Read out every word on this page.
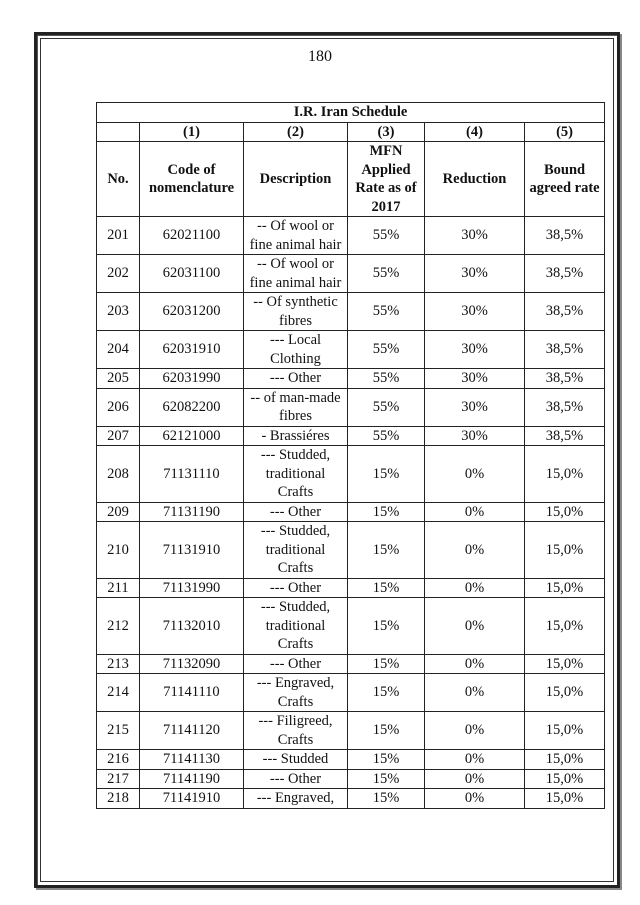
180
I.R. Iran Schedule					
	(1)	(2)	(3)	(4)	(5)
No.	Code of nomenclature	Description	MFN Applied Rate as of 2017	Reduction	Bound agreed rate
201	62021100	-- Of wool or fine animal hair	55%	30%	38,5%
202	62031100	-- Of wool or fine animal hair	55%	30%	38,5%
203	62031200	-- Of synthetic fibres	55%	30%	38,5%
204	62031910	--- Local Clothing	55%	30%	38,5%
205	62031990	--- Other	55%	30%	38,5%
206	62082200	-- of man-made fibres	55%	30%	38,5%
207	62121000	- Brassiéres	55%	30%	38,5%
208	71131110	--- Studded, traditional Crafts	15%	0%	15,0%
209	71131190	--- Other	15%	0%	15,0%
210	71131910	--- Studded, traditional Crafts	15%	0%	15,0%
211	71131990	--- Other	15%	0%	15,0%
212	71132010	--- Studded, traditional Crafts	15%	0%	15,0%
213	71132090	--- Other	15%	0%	15,0%
214	71141110	--- Engraved, Crafts	15%	0%	15,0%
215	71141120	--- Filigreed, Crafts	15%	0%	15,0%
216	71141130	--- Studded	15%	0%	15,0%
217	71141190	--- Other	15%	0%	15,0%
218	71141910	--- Engraved,	15%	0%	15,0%
